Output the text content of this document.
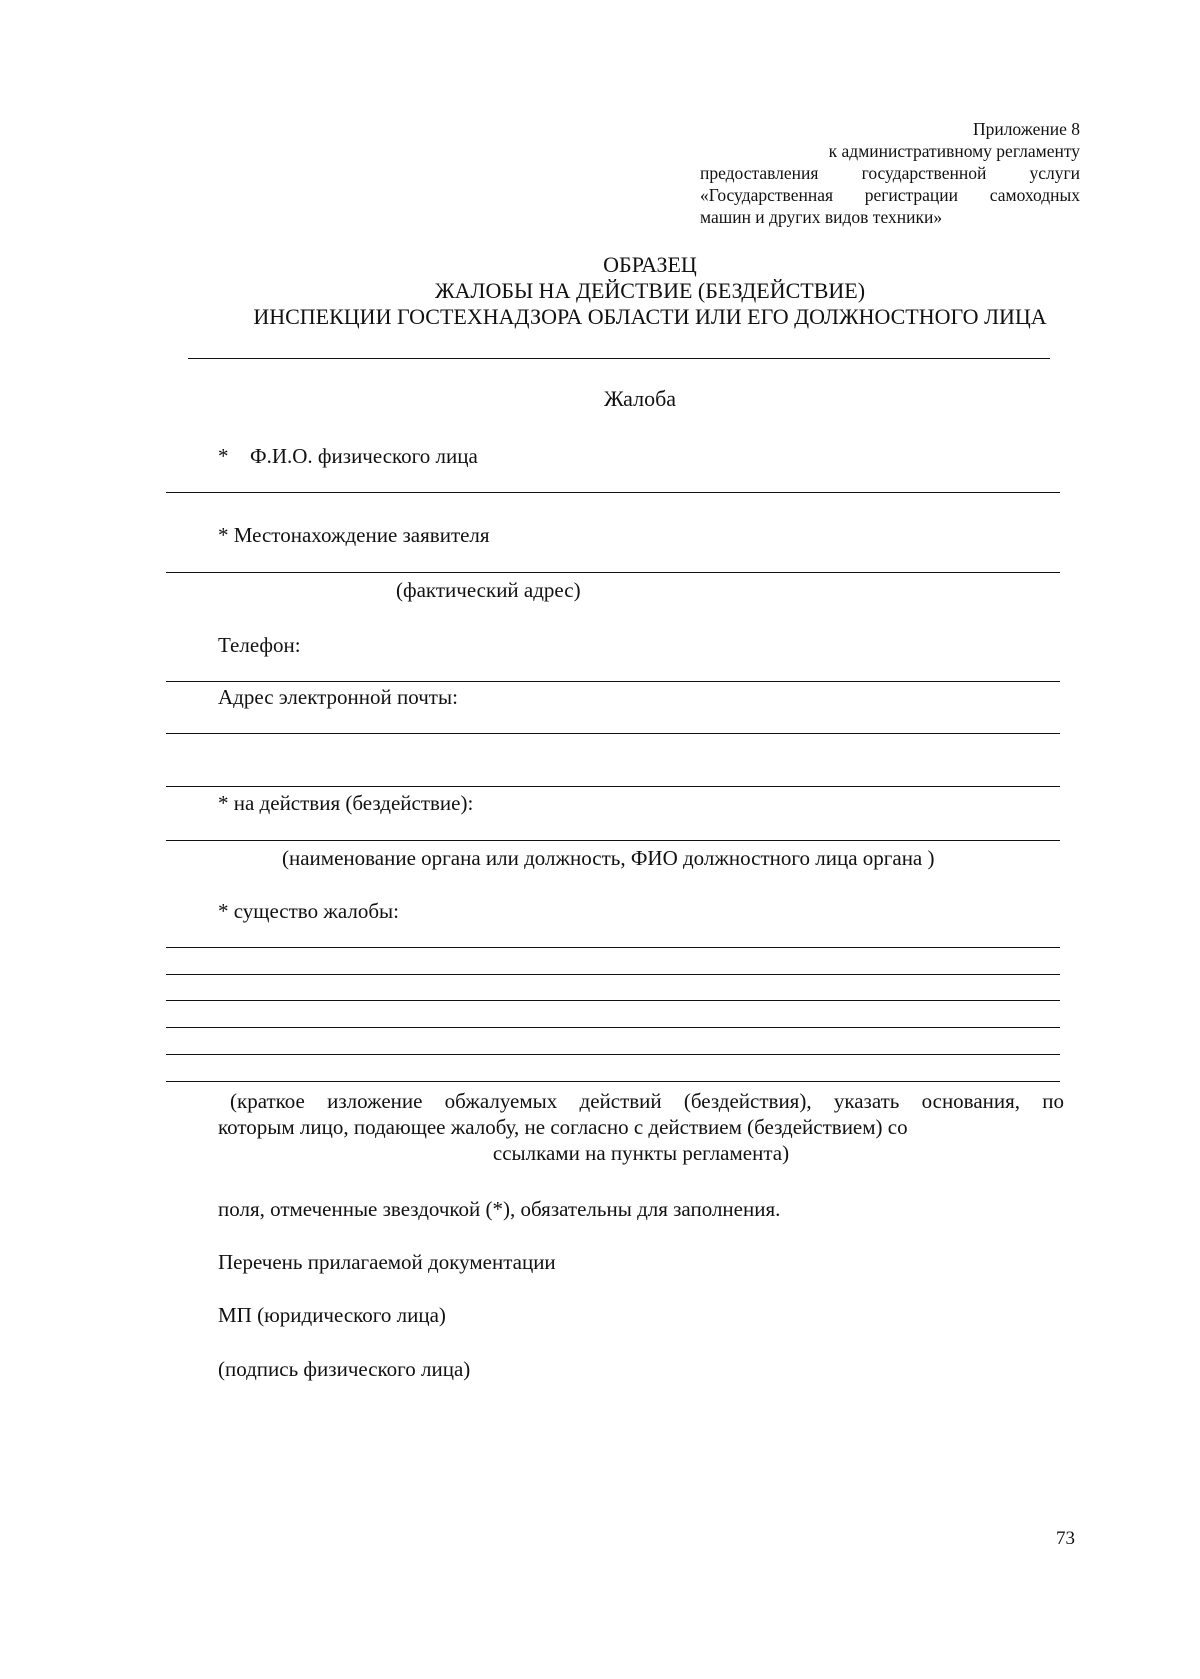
Приложение 8
к административному регламенту
предоставления государственной услуги
«Государственная регистрации самоходных
машин и других видов техники»
ОБРАЗЕЦ
ЖАЛОБЫ НА ДЕЙСТВИЕ (БЕЗДЕЙСТВИЕ)
ИНСПЕКЦИИ ГОСТЕХНАДЗОРА ОБЛАСТИ ИЛИ ЕГО ДОЛЖНОСТНОГО ЛИЦА
Жалоба
* Ф.И.О. физического лица
* Местонахождение заявителя
(фактический адрес)
Телефон:
Адрес электронной почты:
* на действия (бездействие):
(наименование органа или должность, ФИО должностного лица органа )
* существо жалобы:
(краткое изложение обжалуемых действий (бездействия), указать основания, по
которым лицо, подающее жалобу, не согласно с действием (бездействием) со
ссылками на пункты регламента)
поля, отмеченные звездочкой (*), обязательны для заполнения.
Перечень прилагаемой документации
МП (юридического лица)
(подпись физического лица)
73
